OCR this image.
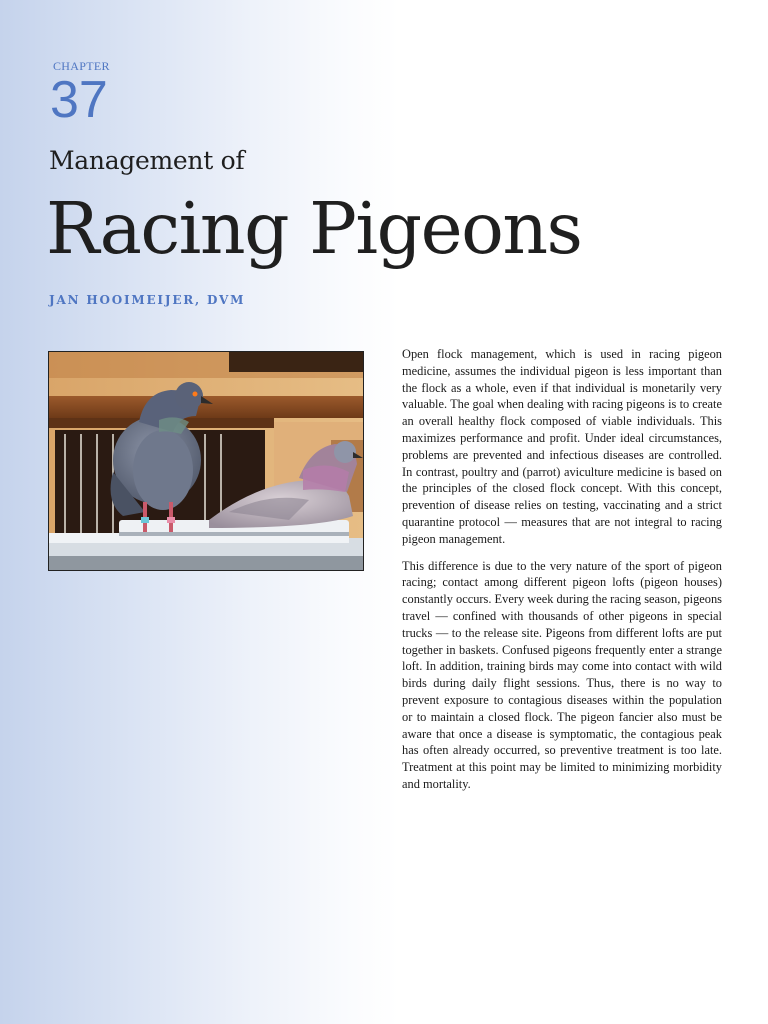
CHAPTER
37
Management of
Racing Pigeons
JAN HOOIMEIJER, DVM

Open flock management, which is used in racing pigeon medicine, assumes the individual pigeon is less important than the flock as a whole, even if that individual is monetarily very valuable. The goal when dealing with racing pigeons is to create an overall healthy flock composed of viable individuals. This maximizes performance and profit. Under ideal circumstances, problems are prevented and infectious diseases are controlled. In contrast, poultry and (parrot) aviculture medicine is based on the principles of the closed flock concept. With this concept, prevention of disease relies on testing, vaccinating and a strict quarantine protocol — measures that are not integral to racing pigeon management.

This difference is due to the very nature of the sport of pigeon racing; contact among different pigeon lofts (pigeon houses) constantly occurs. Every week during the racing season, pigeons travel — confined with thousands of other pigeons in special trucks — to the release site. Pigeons from different lofts are put together in baskets. Confused pigeons frequently enter a strange loft. In addition, training birds may come into contact with wild birds during daily flight sessions. Thus, there is no way to prevent exposure to contagious diseases within the population or to maintain a closed flock. The pigeon fancier also must be aware that once a disease is symptomatic, the contagious peak has often already occurred, so preventive treatment is too late. Treatment at this point may be limited to minimizing morbidity and mortality.
